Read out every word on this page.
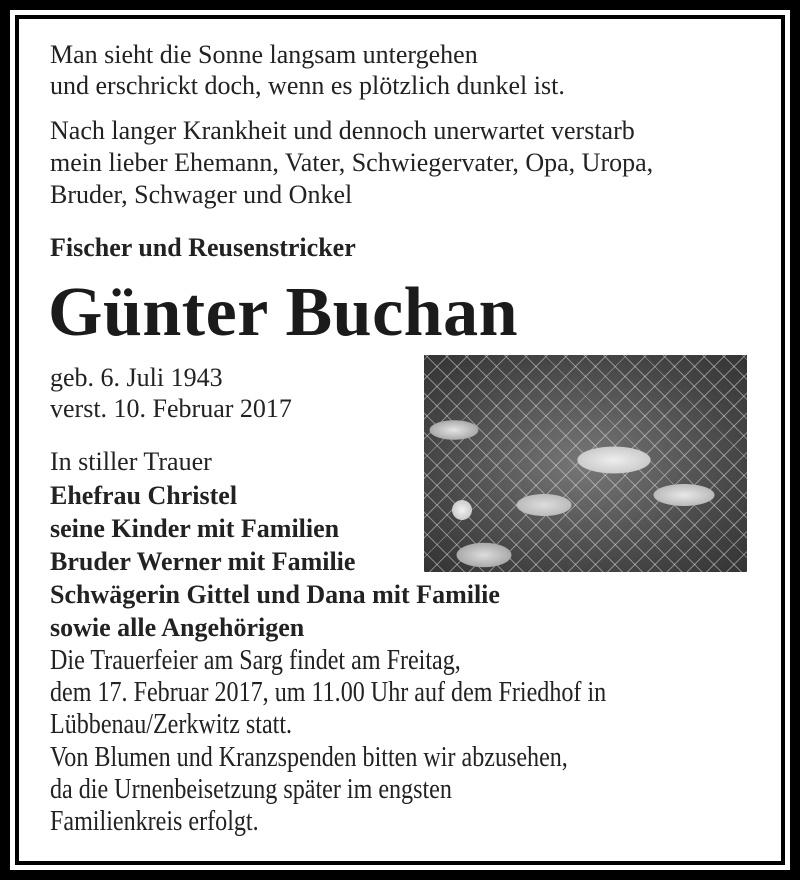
Man sieht die Sonne langsam untergehen
und erschrickt doch, wenn es plötzlich dunkel ist.
Nach langer Krankheit und dennoch unerwartet verstarb
mein lieber Ehemann, Vater, Schwiegervater, Opa, Uropa,
Bruder, Schwager und Onkel
Fischer und Reusenstricker
Günter Buchan
geb. 6. Juli 1943
verst. 10. Februar 2017
In stiller Trauer
Ehefrau Christel
seine Kinder mit Familien
Bruder Werner mit Familie
Schwägerin Gittel und Dana mit Familie
sowie alle Angehörigen
Die Trauerfeier am Sarg findet am Freitag,
dem 17. Februar 2017, um 11.00 Uhr auf dem Friedhof in
Lübbenau/Zerkwitz statt.
Von Blumen und Kranzspenden bitten wir abzusehen,
da die Urnenbeisetzung später im engsten
Familienkreis erfolgt.
